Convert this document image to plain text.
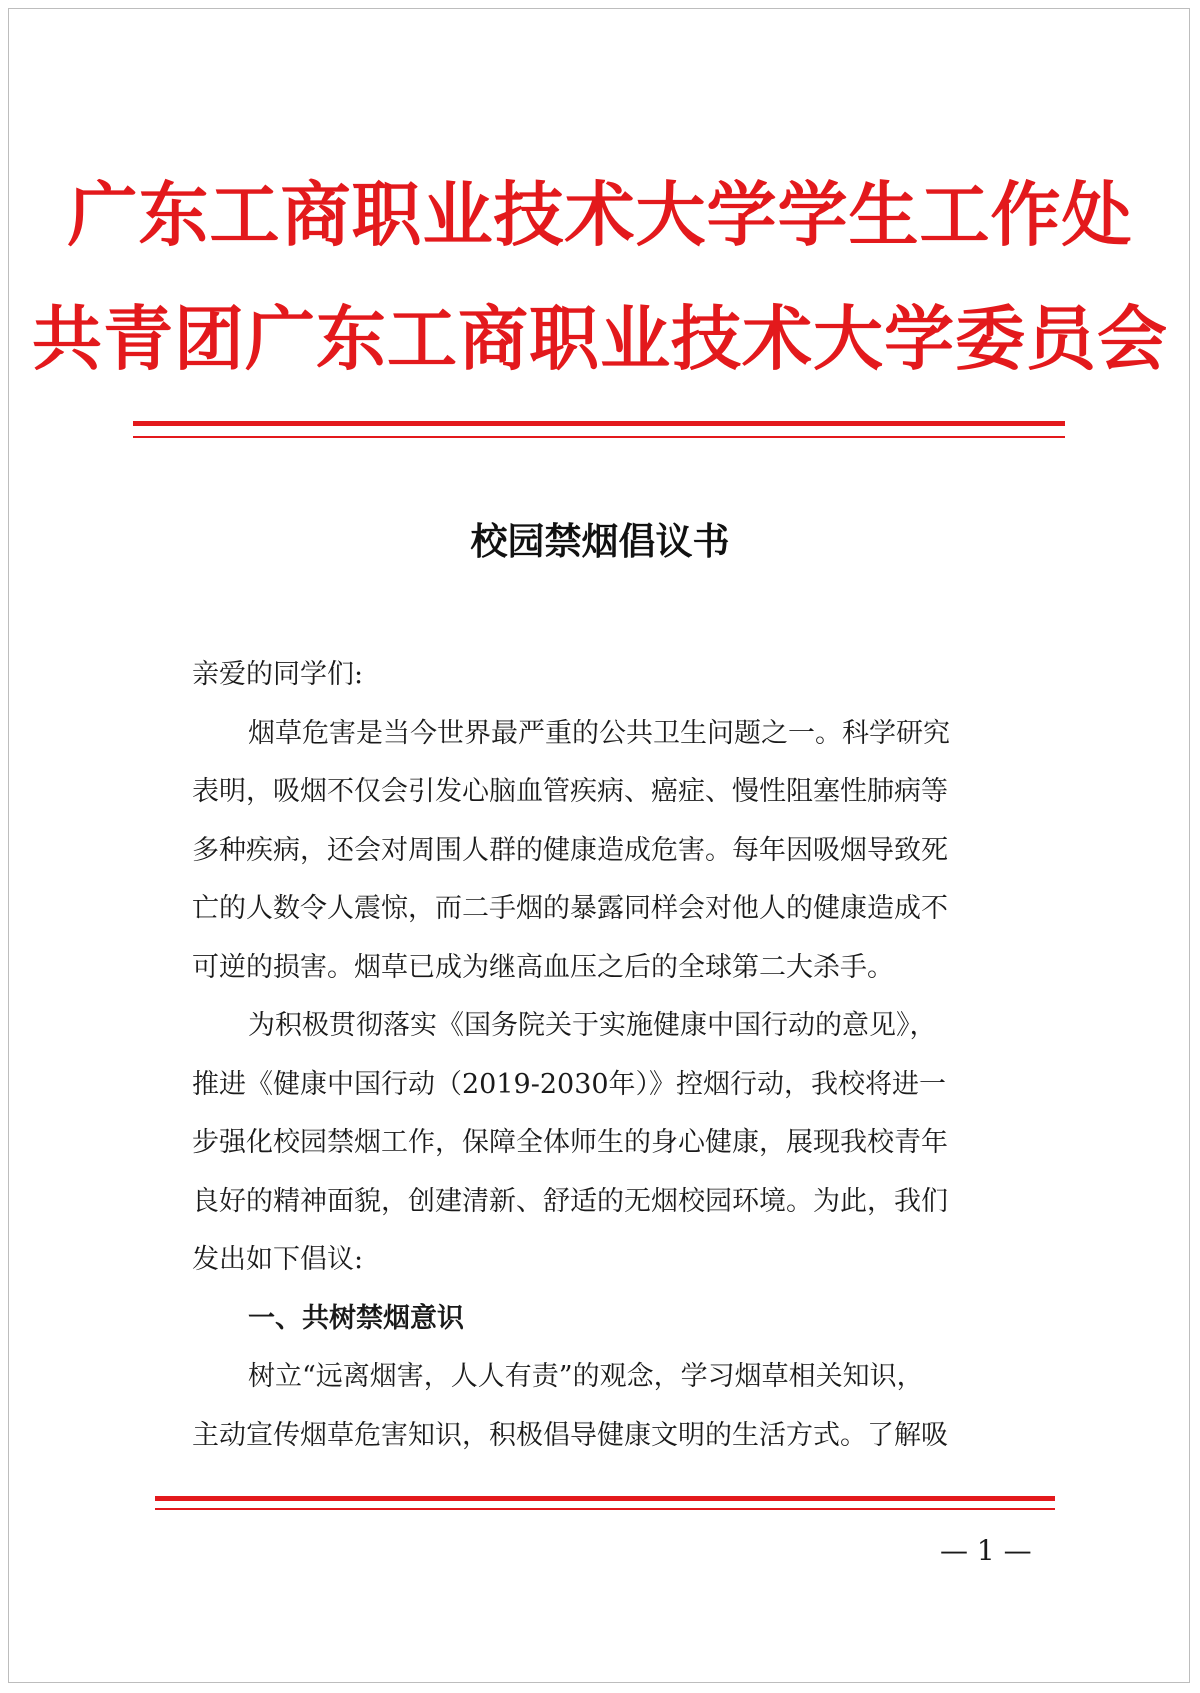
广东工商职业技术大学学生工作处
共青团广东工商职业技术大学委员会
校园禁烟倡议书

亲爱的同学们:

烟草危害是当今世界最严重的公共卫生问题之一。科学研究

表明，吸烟不仅会引发心脑血管疾病、癌症、慢性阻塞性肺病等

多种疾病，还会对周围人群的健康造成危害。每年因吸烟导致死

亡的人数令人震惊，而二手烟的暴露同样会对他人的健康造成不

可逆的损害。烟草已成为继高血压之后的全球第二大杀手。

为积极贯彻落实《国务院关于实施健康中国行动的意见》，

推进《健康中国行动（2019-2030年）》控烟行动，我校将进一

步强化校园禁烟工作，保障全体师生的身心健康，展现我校青年

良好的精神面貌，创建清新、舒适的无烟校园环境。为此，我们

发出如下倡议:

一、共树禁烟意识

树立“远离烟害，人人有责”的观念，学习烟草相关知识，

主动宣传烟草危害知识，积极倡导健康文明的生活方式。了解吸

— 1 —
